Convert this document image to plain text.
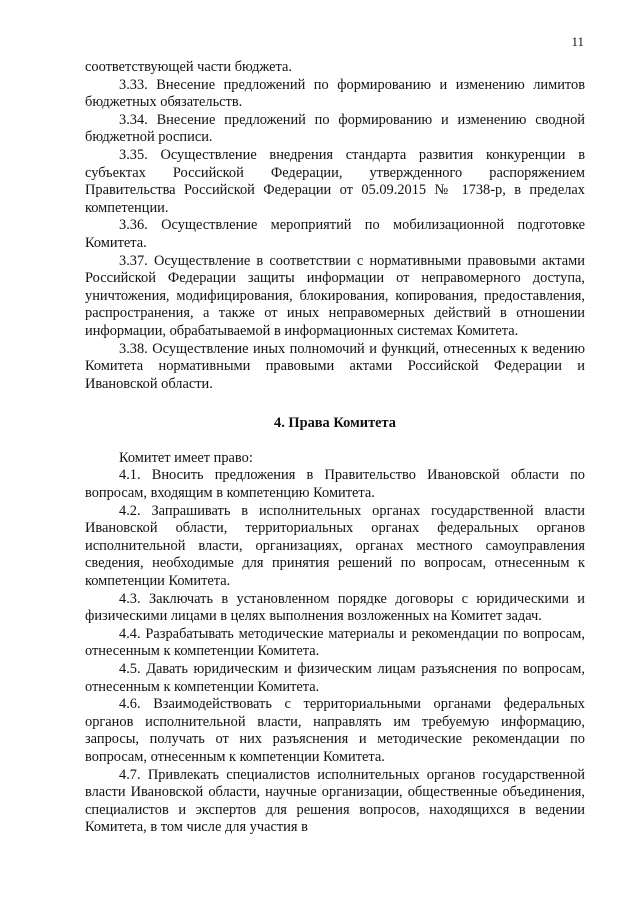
11

соответствующей части бюджета.

3.33. Внесение предложений по формированию и изменению лимитов бюджетных обязательств.

3.34. Внесение предложений по формированию и изменению сводной бюджетной росписи.

3.35. Осуществление внедрения стандарта развития конкуренции в субъектах Российской Федерации, утвержденного распоряжением Правительства Российской Федерации от 05.09.2015 № 1738-р, в пределах компетенции.

3.36. Осуществление мероприятий по мобилизационной подготовке Комитета.

3.37. Осуществление в соответствии с нормативными правовыми актами Российской Федерации защиты информации от неправомерного доступа, уничтожения, модифицирования, блокирования, копирования, предоставления, распространения, а также от иных неправомерных действий в отношении информации, обрабатываемой в информационных системах Комитета.

3.38. Осуществление иных полномочий и функций, отнесенных к ведению Комитета нормативными правовыми актами Российской Федерации и Ивановской области.

4. Права Комитета

Комитет имеет право:

4.1. Вносить предложения в Правительство Ивановской области по вопросам, входящим в компетенцию Комитета.

4.2. Запрашивать в исполнительных органах государственной власти Ивановской области, территориальных органах федеральных органов исполнительной власти, организациях, органах местного самоуправления сведения, необходимые для принятия решений по вопросам, отнесенным к компетенции Комитета.

4.3. Заключать в установленном порядке договоры с юридическими и физическими лицами в целях выполнения возложенных на Комитет задач.

4.4. Разрабатывать методические материалы и рекомендации по вопросам, отнесенным к компетенции Комитета.

4.5. Давать юридическим и физическим лицам разъяснения по вопросам, отнесенным к компетенции Комитета.

4.6. Взаимодействовать с территориальными органами федеральных органов исполнительной власти, направлять им требуемую информацию, запросы, получать от них разъяснения и методические рекомендации по вопросам, отнесенным к компетенции Комитета.

4.7. Привлекать специалистов исполнительных органов государственной власти Ивановской области, научные организации, общественные объединения, специалистов и экспертов для решения вопросов, находящихся в ведении Комитета, в том числе для участия в
